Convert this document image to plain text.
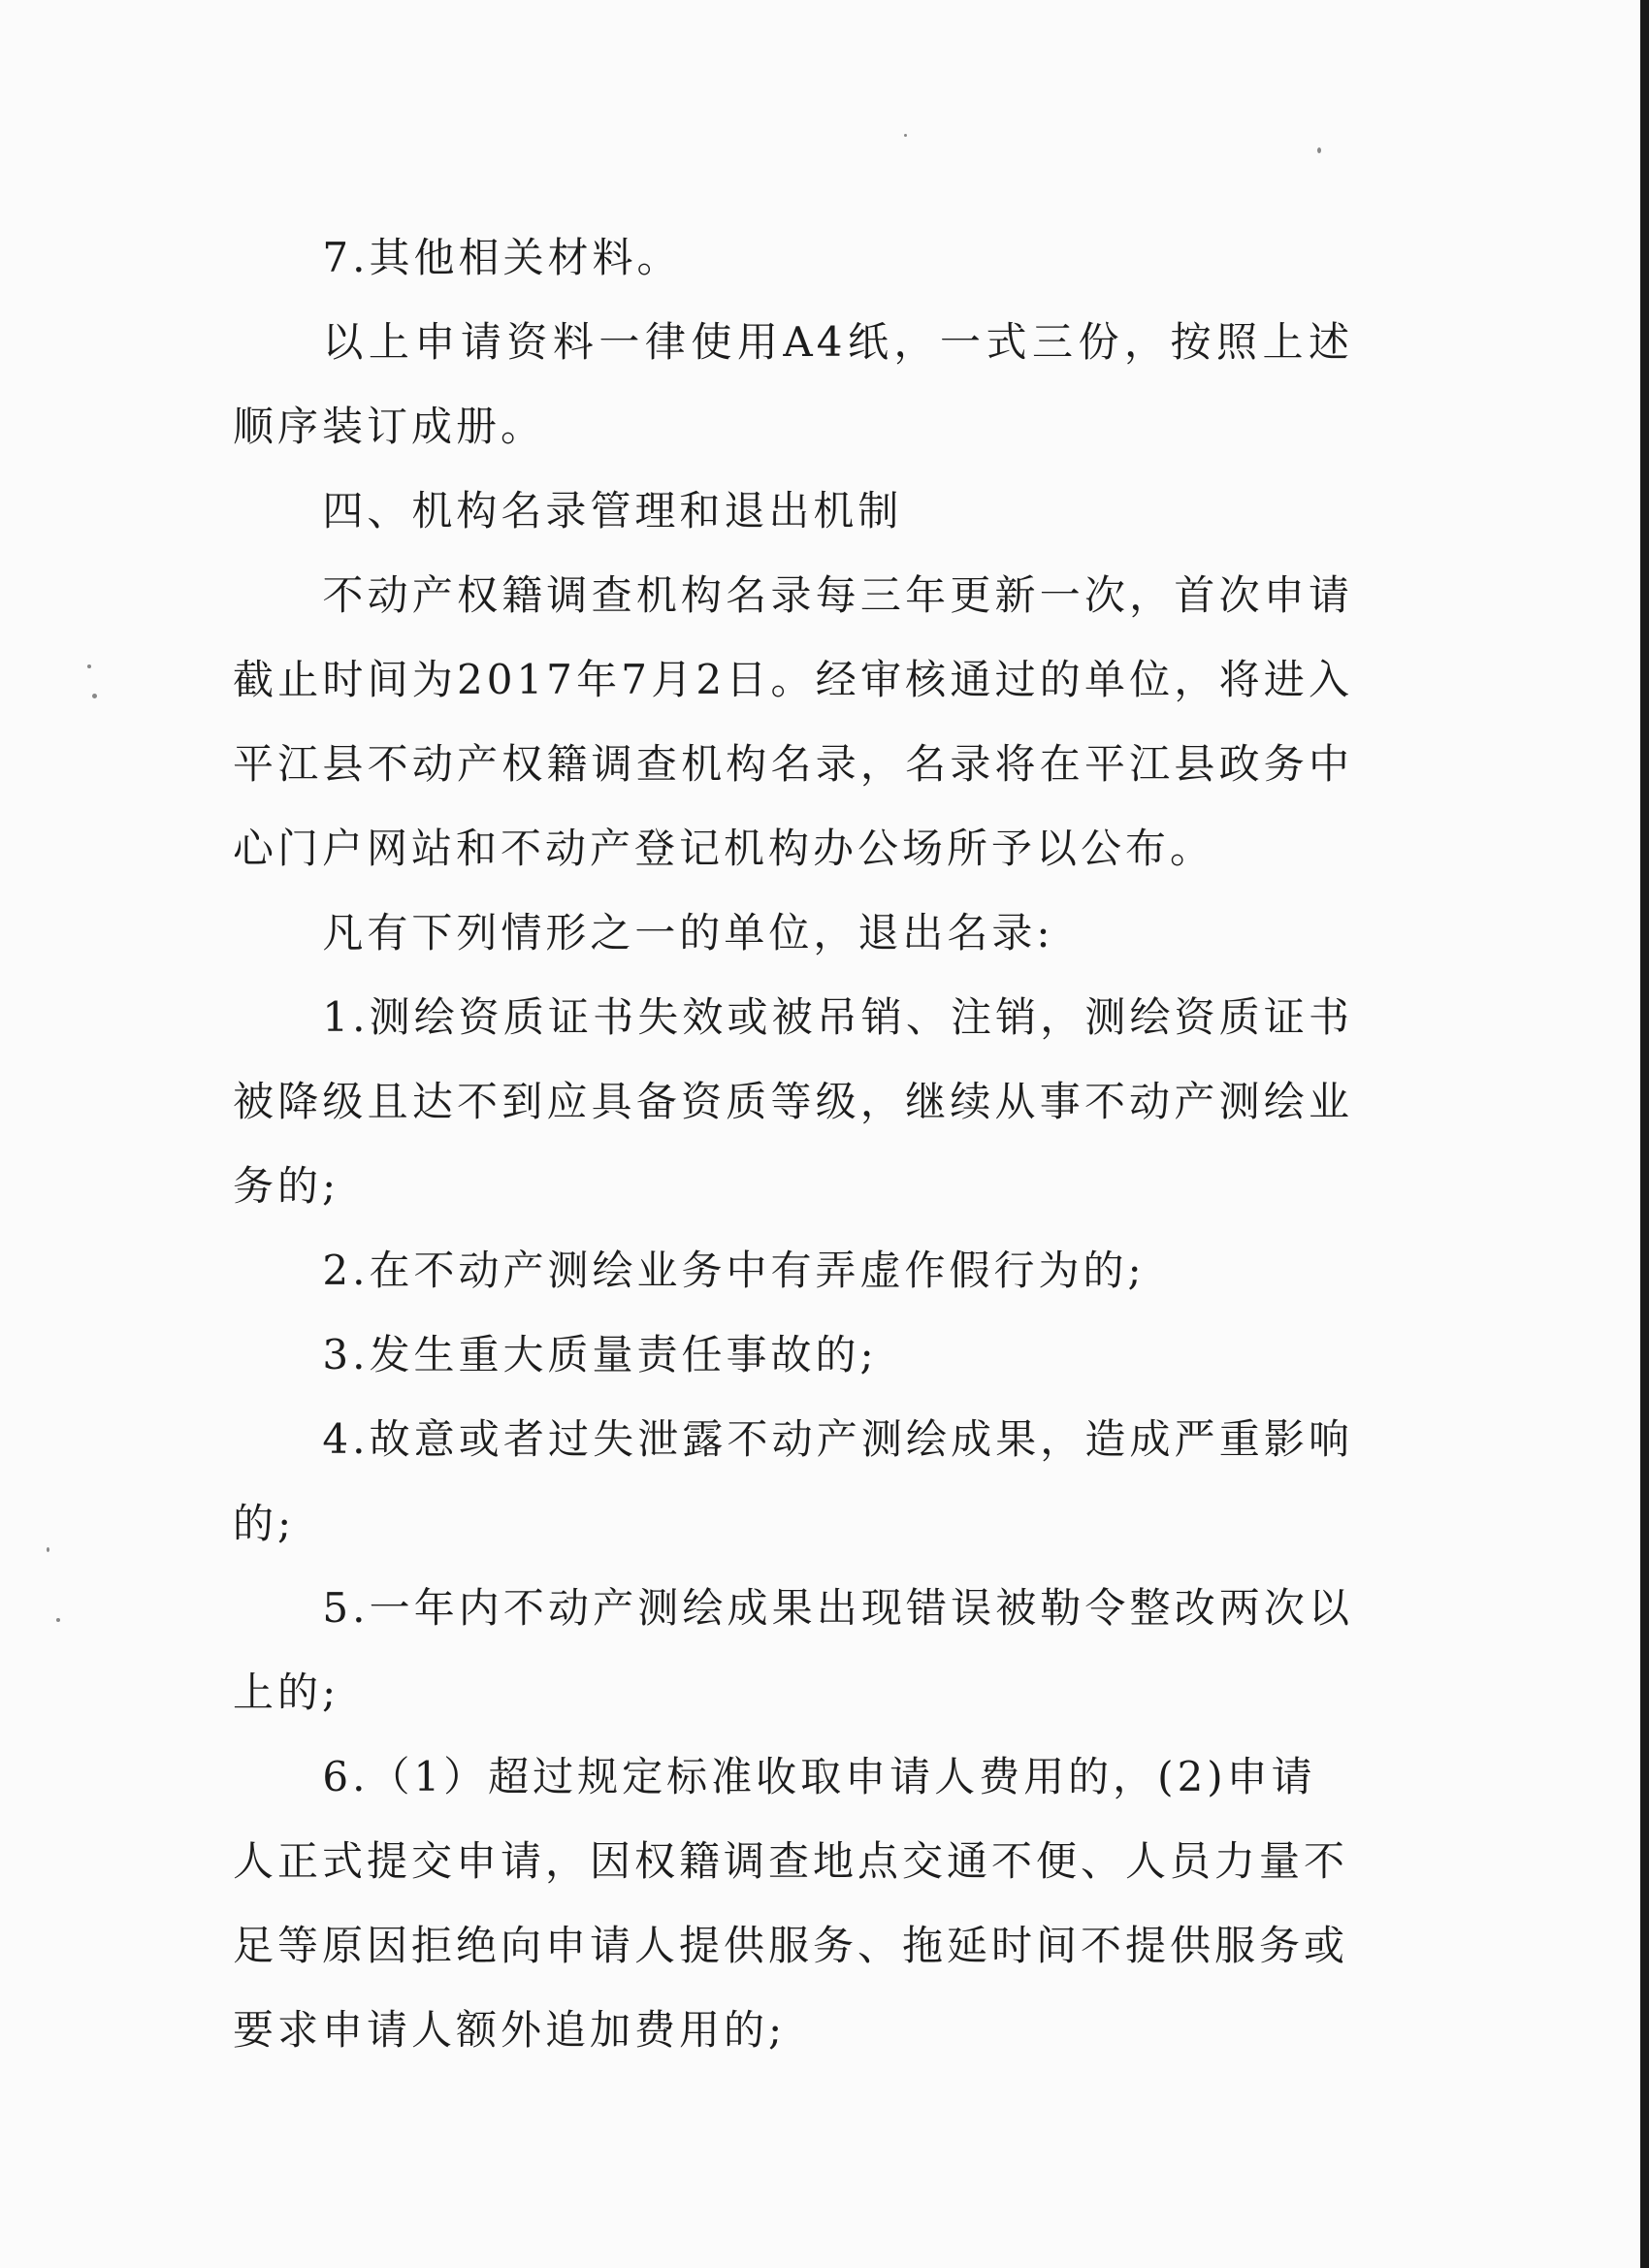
7.其他相关材料。

以上申请资料一律使用A4纸，一式三份，按照上述顺序装订成册。

四、机构名录管理和退出机制

不动产权籍调查机构名录每三年更新一次，首次申请截止时间为2017年7月2日。经审核通过的单位，将进入平江县不动产权籍调查机构名录，名录将在平江县政务中心门户网站和不动产登记机构办公场所予以公布。

凡有下列情形之一的单位，退出名录:

1.测绘资质证书失效或被吊销、注销，测绘资质证书被降级且达不到应具备资质等级，继续从事不动产测绘业务的;

2.在不动产测绘业务中有弄虚作假行为的;

3.发生重大质量责任事故的;

4.故意或者过失泄露不动产测绘成果，造成严重影响的;

5.一年内不动产测绘成果出现错误被勒令整改两次以上的;

6.（1）超过规定标准收取申请人费用的，(2)申请人正式提交申请，因权籍调查地点交通不便、人员力量不足等原因拒绝向申请人提供服务、拖延时间不提供服务或要求申请人额外追加费用的;
